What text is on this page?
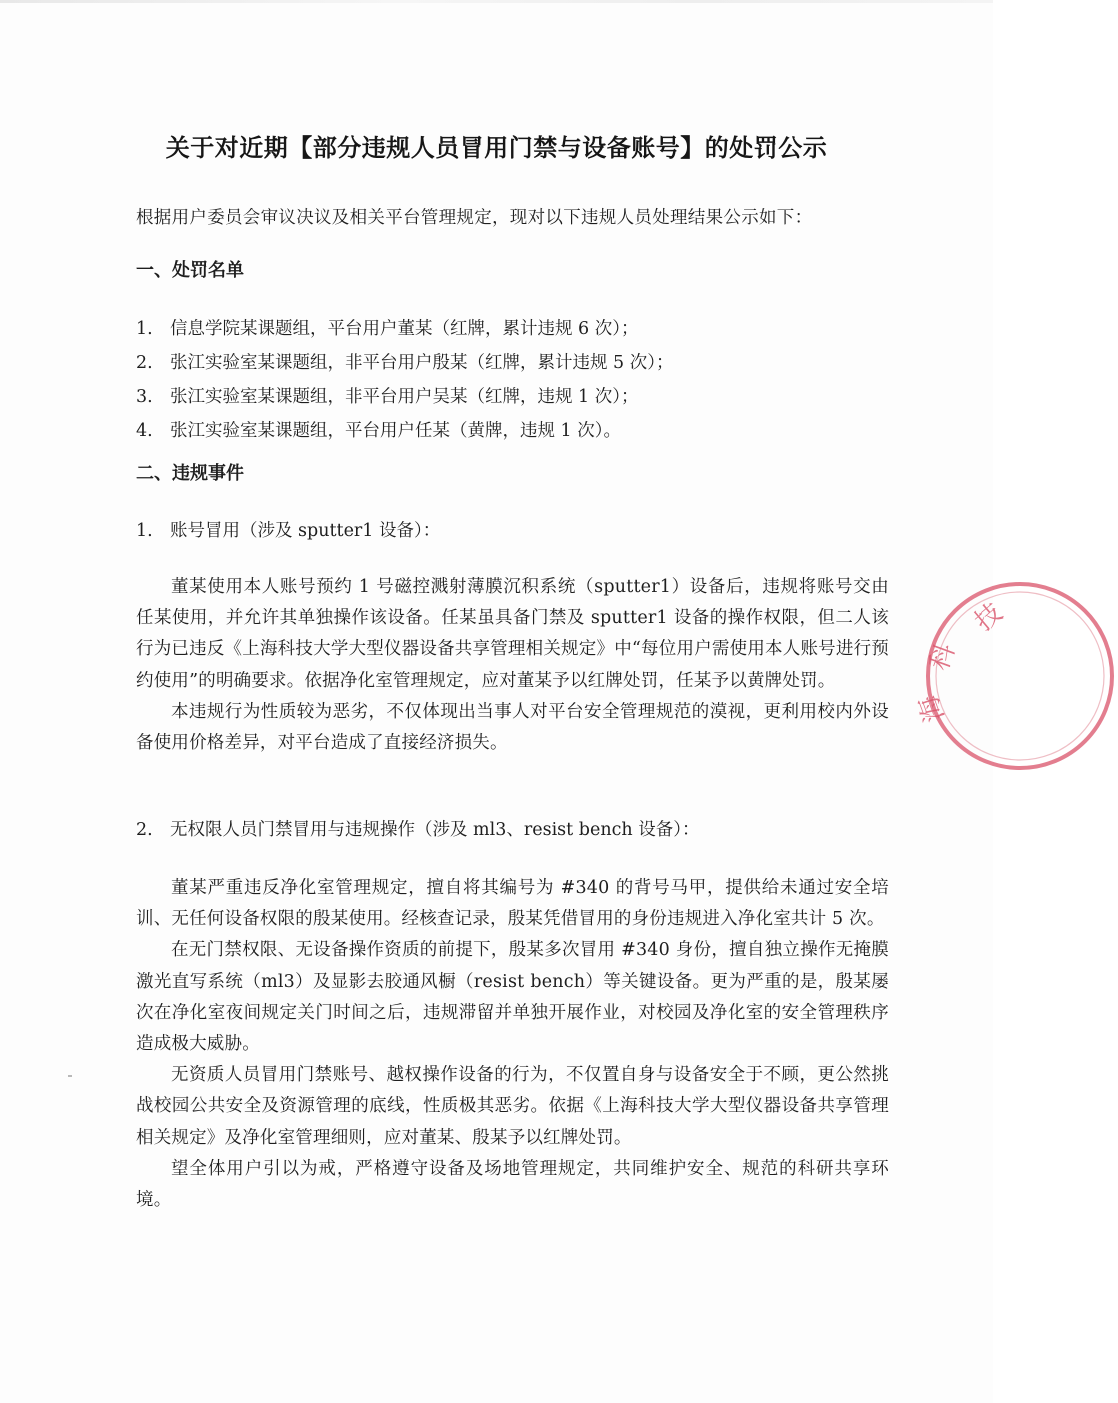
关于对近期【部分违规人员冒用门禁与设备账号】的处罚公示
根据用户委员会审议决议及相关平台管理规定，现对以下违规人员处理结果公示如下：
一、处罚名单
1. 信息学院某课题组，平台用户董某（红牌，累计违规 6 次）；
2. 张江实验室某课题组，非平台用户殷某（红牌，累计违规 5 次）；
3. 张江实验室某课题组，非平台用户吴某（红牌，违规 1 次）；
4. 张江实验室某课题组，平台用户任某（黄牌，违规 1 次）。
二、违规事件
1. 账号冒用（涉及 sputter1 设备）：

董某使用本人账号预约 1 号磁控溅射薄膜沉积系统（sputter1）设备后，违规将账号交由任某使用，并允许其单独操作该设备。任某虽具备门禁及 sputter1 设备的操作权限，但二人该行为已违反《上海科技大学大型仪器设备共享管理相关规定》中“每位用户需使用本人账号进行预约使用”的明确要求。依据净化室管理规定，应对董某予以红牌处罚，任某予以黄牌处罚。

本违规行为性质较为恶劣，不仅体现出当事人对平台安全管理规范的漠视，更利用校内外设备使用价格差异，对平台造成了直接经济损失。

2. 无权限人员门禁冒用与违规操作（涉及 ml3、resist bench 设备）：

董某严重违反净化室管理规定，擅自将其编号为 #340 的背号马甲，提供给未通过安全培训、无任何设备权限的殷某使用。经核查记录，殷某凭借冒用的身份违规进入净化室共计 5 次。

在无门禁权限、无设备操作资质的前提下，殷某多次冒用 #340 身份，擅自独立操作无掩膜激光直写系统（ml3）及显影去胶通风橱（resist bench）等关键设备。更为严重的是，殷某屡次在净化室夜间规定关门时间之后，违规滞留并单独开展作业，对校园及净化室的安全管理秩序造成极大威胁。

无资质人员冒用门禁账号、越权操作设备的行为，不仅置自身与设备安全于不顾，更公然挑战校园公共安全及资源管理的底线，性质极其恶劣。依据《上海科技大学大型仪器设备共享管理相关规定》及净化室管理细则，应对董某、殷某予以红牌处罚。

望全体用户引以为戒，严格遵守设备及场地管理规定，共同维护安全、规范的科研共享环境。

技
科
海
